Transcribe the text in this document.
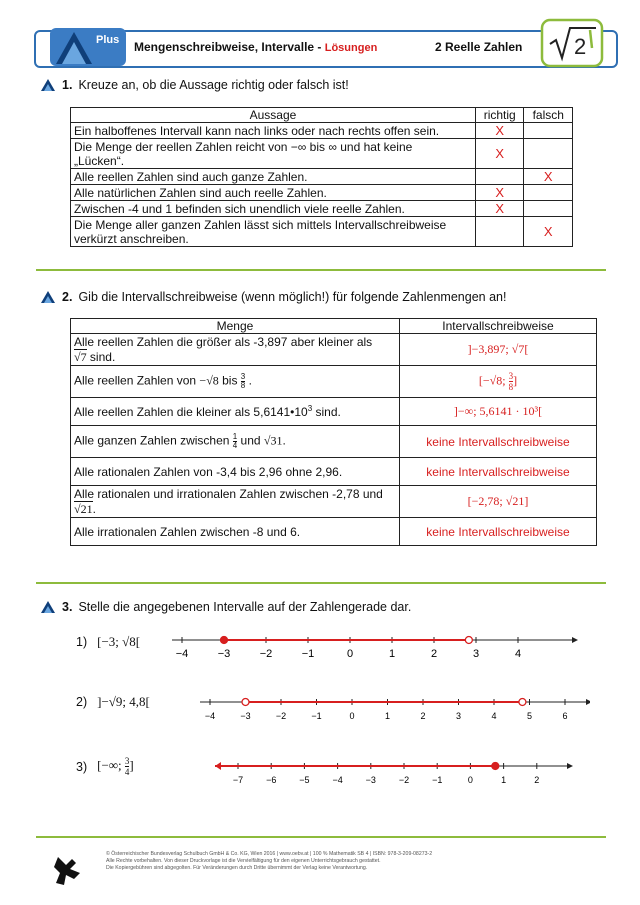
Plus Mengenschreibweise, Intervalle - Lösungen	2 Reelle Zahlen 2
1. Kreuze an, ob die Aussage richtig oder falsch ist!
Aussage	richtig	falsch
Ein halboffenes Intervall kann nach links oder nach rechts offen sein.	X	
Die Menge der reellen Zahlen reicht von −∞ bis ∞ und hat keine
„Lücken“.	X	
Alle reellen Zahlen sind auch ganze Zahlen.		X
Alle natürlichen Zahlen sind auch reelle Zahlen.	X	
Zwischen -4 und 1 befinden sich unendlich viele reelle Zahlen.	X	
Die Menge aller ganzen Zahlen lässt sich mittels Intervallschreibweise
verkürzt anschreiben.		X
2. Gib die Intervallschreibweise (wenn möglich!) für folgende Zahlenmengen an!
Menge	Intervallschreibweise
Alle reellen Zahlen die größer als -3,897 aber kleiner als
√7 sind.	]−3,897; √7[
Alle reellen Zahlen von −√8 bis $\frac{3}{8}$ .	[−√8; $\frac{3}{8}$ ]
Alle reellen Zahlen die kleiner als $5,6141•10^3$ sind.	]−∞; 5,6141 · 10³[
Alle ganzen Zahlen zwischen $\frac{1}{4}$ und √31.	keine Intervallschreibweise
Alle rationalen Zahlen von -3,4 bis 2,96 ohne 2,96.	keine Intervallschreibweise
Alle rationalen und irrationalen Zahlen zwischen -2,78 und
√21.	[−2,78; √21]
Alle irrationalen Zahlen zwischen -8 und 6.	keine Intervallschreibweise
3. Stelle die angegebenen Intervalle auf der Zahlengerade dar.
1) [−3; √8[
2) ]−√9; 4,8[
3) [−∞; $\frac{3}{4}$ ]
−4	−3	−2	−1	0	1	2	3	4
−4	−3	−2	−1	0	1	2	3	4	5	6
−7	−6	−5	−4	−3	−2	−1	0	1	2
© Österreichischer Bundesverlag Schulbuch GmbH & Co. KG, Wien 2016 | www.oebv.at | 100 % Mathematik SB 4 | ISBN: 978-3-209-08273-2
Alle Rechte vorbehalten. Von dieser Druckvorlage ist die Vervielfältigung für den eigenen Unterrichtsgebrauch gestattet.
Die Kopiergebühren sind abgegolten. Für Veränderungen durch Dritte übernimmt der Verlag keine Verantwortung.
